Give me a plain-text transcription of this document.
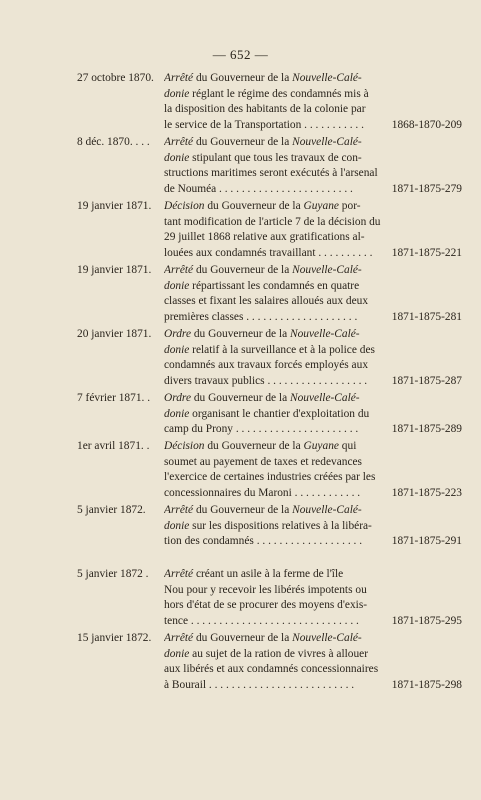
— 652 —
27 octobre 1870. Arrêté du Gouverneur de la Nouvelle-Calé-
donie réglant le régime des condamnés mis à
la disposition des habitants de la colonie par
le service de la Transportation . . . . . . . . . . .	1868-1870-209
8 déc. 1870. . . . Arrêté du Gouverneur de la Nouvelle-Calé-
donie stipulant que tous les travaux de con-
structions maritimes seront exécutés à l'arsenal
de Nouméa . . . . . . . . . . . . . . . . . . . . . . . .	1871-1875-279
19 janvier 1871. Décision du Gouverneur de la Guyane por-
tant modification de l'article 7 de la décision du
29 juillet 1868 relative aux gratifications al-
louées aux condamnés travaillant . . . . . . . . . .	1871-1875-221
19 janvier 1871. Arrêté du Gouverneur de la Nouvelle-Calé-
donie répartissant les condamnés en quatre
classes et fixant les salaires alloués aux deux
premières classes . . . . . . . . . . . . . . . . . . . .	1871-1875-281
20 janvier 1871. Ordre du Gouverneur de la Nouvelle-Calé-
donie relatif à la surveillance et à la police des
condamnés aux travaux forcés employés aux
divers travaux publics . . . . . . . . . . . . . . . . . .	1871-1875-287
7 février 1871. . Ordre du Gouverneur de la Nouvelle-Calé-
donie organisant le chantier d'exploitation du
camp du Prony . . . . . . . . . . . . . . . . . . . . . .	1871-1875-289
1er avril 1871. . Décision du Gouverneur de la Guyane qui
soumet au payement de taxes et redevances
l'exercice de certaines industries créées par les
concessionnaires du Maroni . . . . . . . . . . . .	1871-1875-223
5 janvier 1872. Arrêté du Gouverneur de la Nouvelle-Calé-
donie sur les dispositions relatives à la libéra-
tion des condamnés . . . . . . . . . . . . . . . . . . .	1871-1875-291
5 janvier 1872 . Arrêté créant un asile à la ferme de l'île
Nou pour y recevoir les libérés impotents ou
hors d'état de se procurer des moyens d'exis-
tence . . . . . . . . . . . . . . . . . . . . . . . . . . . . . .	1871-1875-295
15 janvier 1872. Arrêté du Gouverneur de la Nouvelle-Calé-
donie au sujet de la ration de vivres à allouer
aux libérés et aux condamnés concessionnaires
à Bourail . . . . . . . . . . . . . . . . . . . . . . . . . .	1871-1875-298
